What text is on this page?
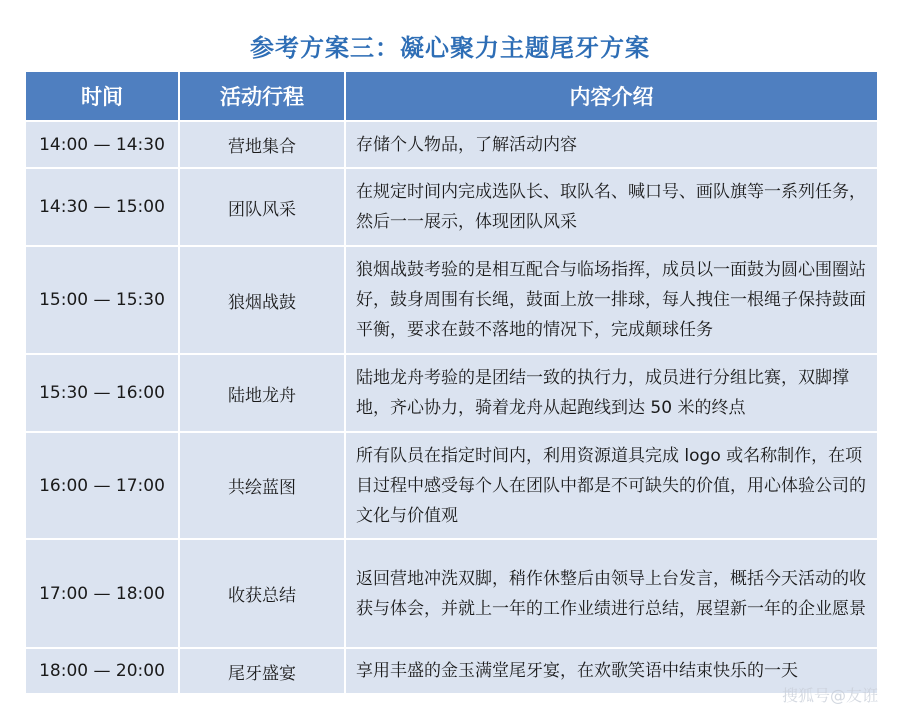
参考方案三：凝心聚力主题尾牙方案
时间	活动行程	内容介绍
14:00 — 14:30	营地集合	存储个人物品，了解活动内容
14:30 — 15:00	团队风采	在规定时间内完成选队长、取队名、喊口号、画队旗等一系列任务，然后一一展示，体现团队风采
15:00 — 15:30	狼烟战鼓	狼烟战鼓考验的是相互配合与临场指挥，成员以一面鼓为圆心围圈站好，鼓身周围有长绳，鼓面上放一排球，每人拽住一根绳子保持鼓面平衡，要求在鼓不落地的情况下，完成颠球任务
15:30 — 16:00	陆地龙舟	陆地龙舟考验的是团结一致的执行力，成员进行分组比赛，双脚撑地，齐心协力，骑着龙舟从起跑线到达 50 米的终点
16:00 — 17:00	共绘蓝图	所有队员在指定时间内，利用资源道具完成 logo 或名称制作，在项目过程中感受每个人在团队中都是不可缺失的价值，用心体验公司的文化与价值观
17:00 — 18:00	收获总结	返回营地冲洗双脚，稍作休整后由领导上台发言，概括今天活动的收获与体会，并就上一年的工作业绩进行总结，展望新一年的企业愿景
18:00 — 20:00	尾牙盛宴	享用丰盛的金玉满堂尾牙宴，在欢歌笑语中结束快乐的一天
搜狐号@友诳
